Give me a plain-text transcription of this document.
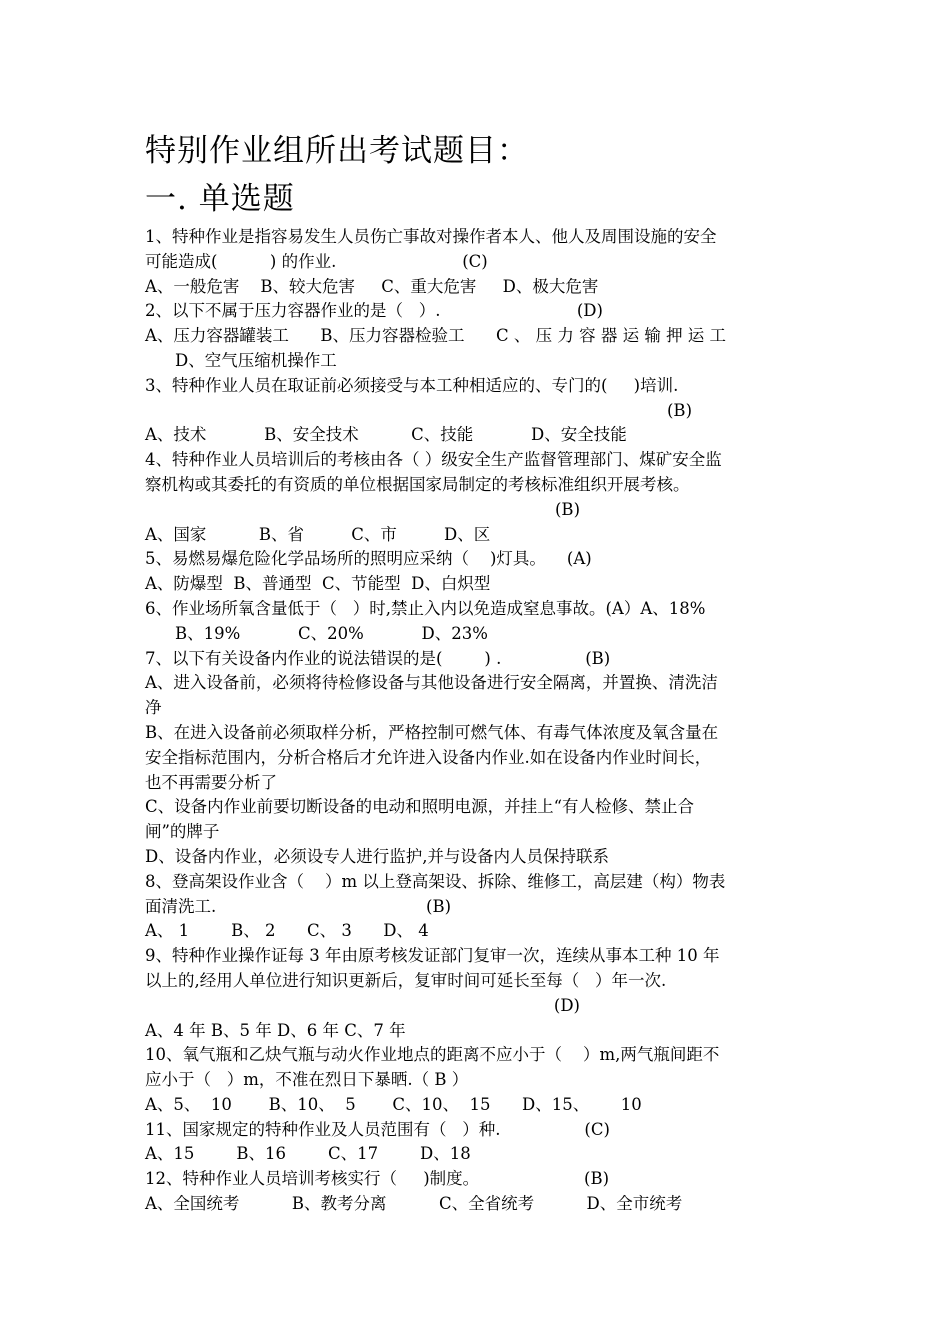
特别作业组所出考试题目：
一. 单选题

1、特种作业是指容易发生人员伤亡事故对操作者本人、他人及周围设施的安全

可能造成(          ) 的作业.                        (C)

A、一般危害    B、较大危害     C、重大危害     D、极大危害

2、以下不属于压力容器作业的是（   ）.                          (D)

A、压力容器罐装工      B、压力容器检验工      C 、 压 力 容 器 运 输 押 运 工

D、空气压缩机操作工

3、特种作业人员在取证前必须接受与本工种相适应的、专门的(     )培训.

(B)

A、技术           B、安全技术          C、技能           D、安全技能

4、特种作业人员培训后的考核由各（ ）级安全生产监督管理部门、煤矿安全监

察机构或其委托的有资质的单位根据国家局制定的考核标准组织开展考核。

(B)

A、国家          B、省         C、市         D、区

5、易燃易爆危险化学品场所的照明应采纳（    )灯具。    (A)

A、防爆型  B、普通型  C、节能型  D、白炽型

6、作业场所氧含量低于（   ）时,禁止入内以免造成窒息事故。(A）A、18%

B、19%           C、20%           D、23%

7、以下有关设备内作业的说法错误的是(        ) .                (B)

A、进入设备前，必须将待检修设备与其他设备进行安全隔离，并置换、清洗洁

净

B、在进入设备前必须取样分析，严格控制可燃气体、有毒气体浓度及氧含量在

安全指标范围内，分析合格后才允许进入设备内作业.如在设备内作业时间长，

也不再需要分析了

C、设备内作业前要切断设备的电动和照明电源，并挂上“有人检修、禁止合

闸”的牌子

D、设备内作业，必须设专人进行监护,并与设备内人员保持联系

8、登高架设作业含（    ）m 以上登高架设、拆除、维修工，高层建（构）物表

面清洗工.                                        (B)

A、 1        B、 2      C、 3      D、 4

9、特种作业操作证每 3 年由原考核发证部门复审一次，连续从事本工种 10 年

以上的,经用人单位进行知识更新后，复审时间可延长至每（   ）年一次.

(D)

A、4 年 B、5 年 D、6 年 C、7 年

10、氧气瓶和乙炔气瓶与动火作业地点的距离不应小于（    ）m,两气瓶间距不

应小于（   ）m，不准在烈日下暴晒.（ B ）

A、5、  10       B、10、  5       C、10、  15      D、15、      10

11、国家规定的特种作业及人员范围有（   ）种.                (C)

A、15        B、16        C、17        D、18

12、特种作业人员培训考核实行（     )制度。                    (B)

A、全国统考          B、教考分离          C、全省统考          D、全市统考
